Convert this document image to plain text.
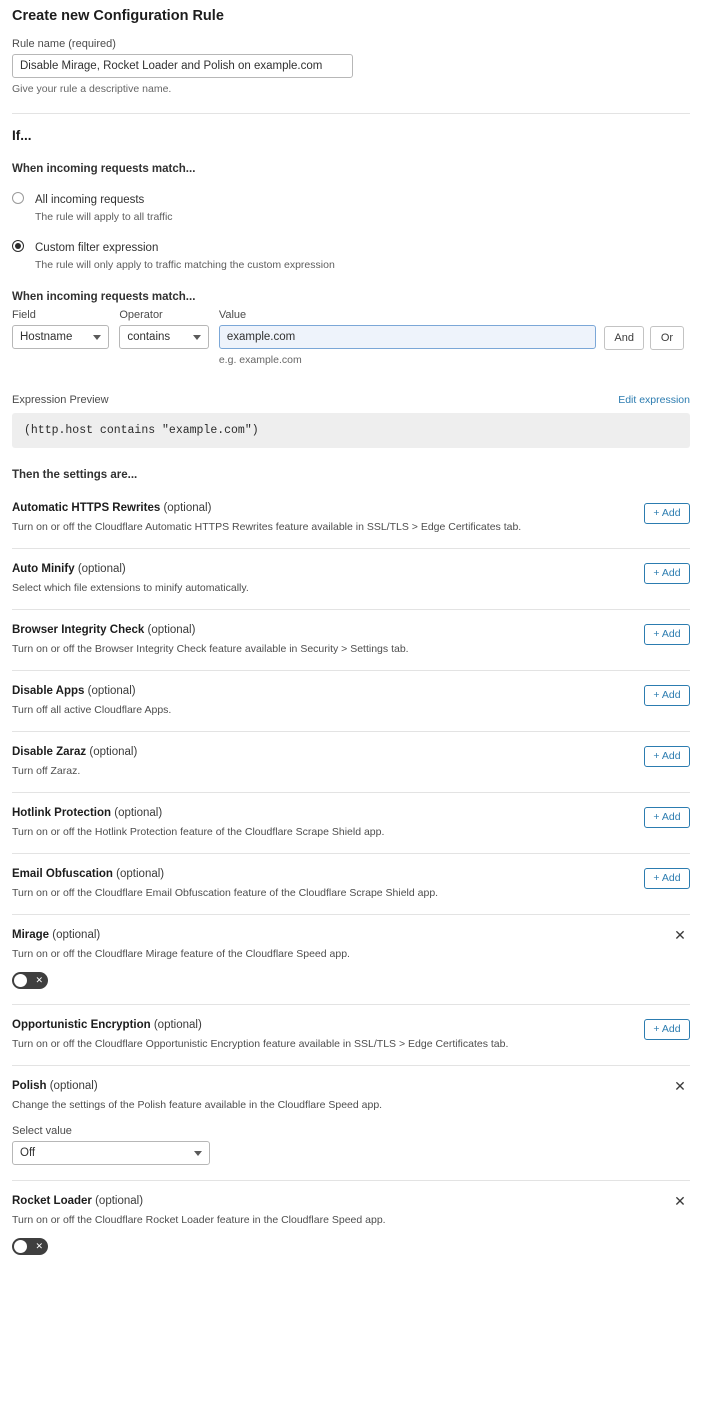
Create new Configuration Rule
Rule name (required)
Disable Mirage, Rocket Loader and Polish on example.com
Give your rule a descriptive name.
If...
When incoming requests match...
All incoming requests
The rule will apply to all traffic
Custom filter expression
The rule will only apply to traffic matching the custom expression
When incoming requests match...
Field
Hostname
Operator
contains
Value
example.com
e.g. example.com
And	Or
Expression Preview	Edit expression
(http.host contains "example.com")
Then the settings are...
Automatic HTTPS Rewrites (optional)
Turn on or off the Cloudflare Automatic HTTPS Rewrites feature available in SSL/TLS > Edge Certificates tab.
+ Add
Auto Minify (optional)
Select which file extensions to minify automatically.
+ Add
Browser Integrity Check (optional)
Turn on or off the Browser Integrity Check feature available in Security > Settings tab.
+ Add
Disable Apps (optional)
Turn off all active Cloudflare Apps.
+ Add
Disable Zaraz (optional)
Turn off Zaraz.
+ Add
Hotlink Protection (optional)
Turn on or off the Hotlink Protection feature of the Cloudflare Scrape Shield app.
+ Add
Email Obfuscation (optional)
Turn on or off the Cloudflare Email Obfuscation feature of the Cloudflare Scrape Shield app.
+ Add
Mirage (optional)
Turn on or off the Cloudflare Mirage feature of the Cloudflare Speed app.
✕
✕
Opportunistic Encryption (optional)
Turn on or off the Cloudflare Opportunistic Encryption feature available in SSL/TLS > Edge Certificates tab.
+ Add
Polish (optional)
Change the settings of the Polish feature available in the Cloudflare Speed app.
✕
Select value
Off
Rocket Loader (optional)
Turn on or off the Cloudflare Rocket Loader feature in the Cloudflare Speed app.
✕
✕
